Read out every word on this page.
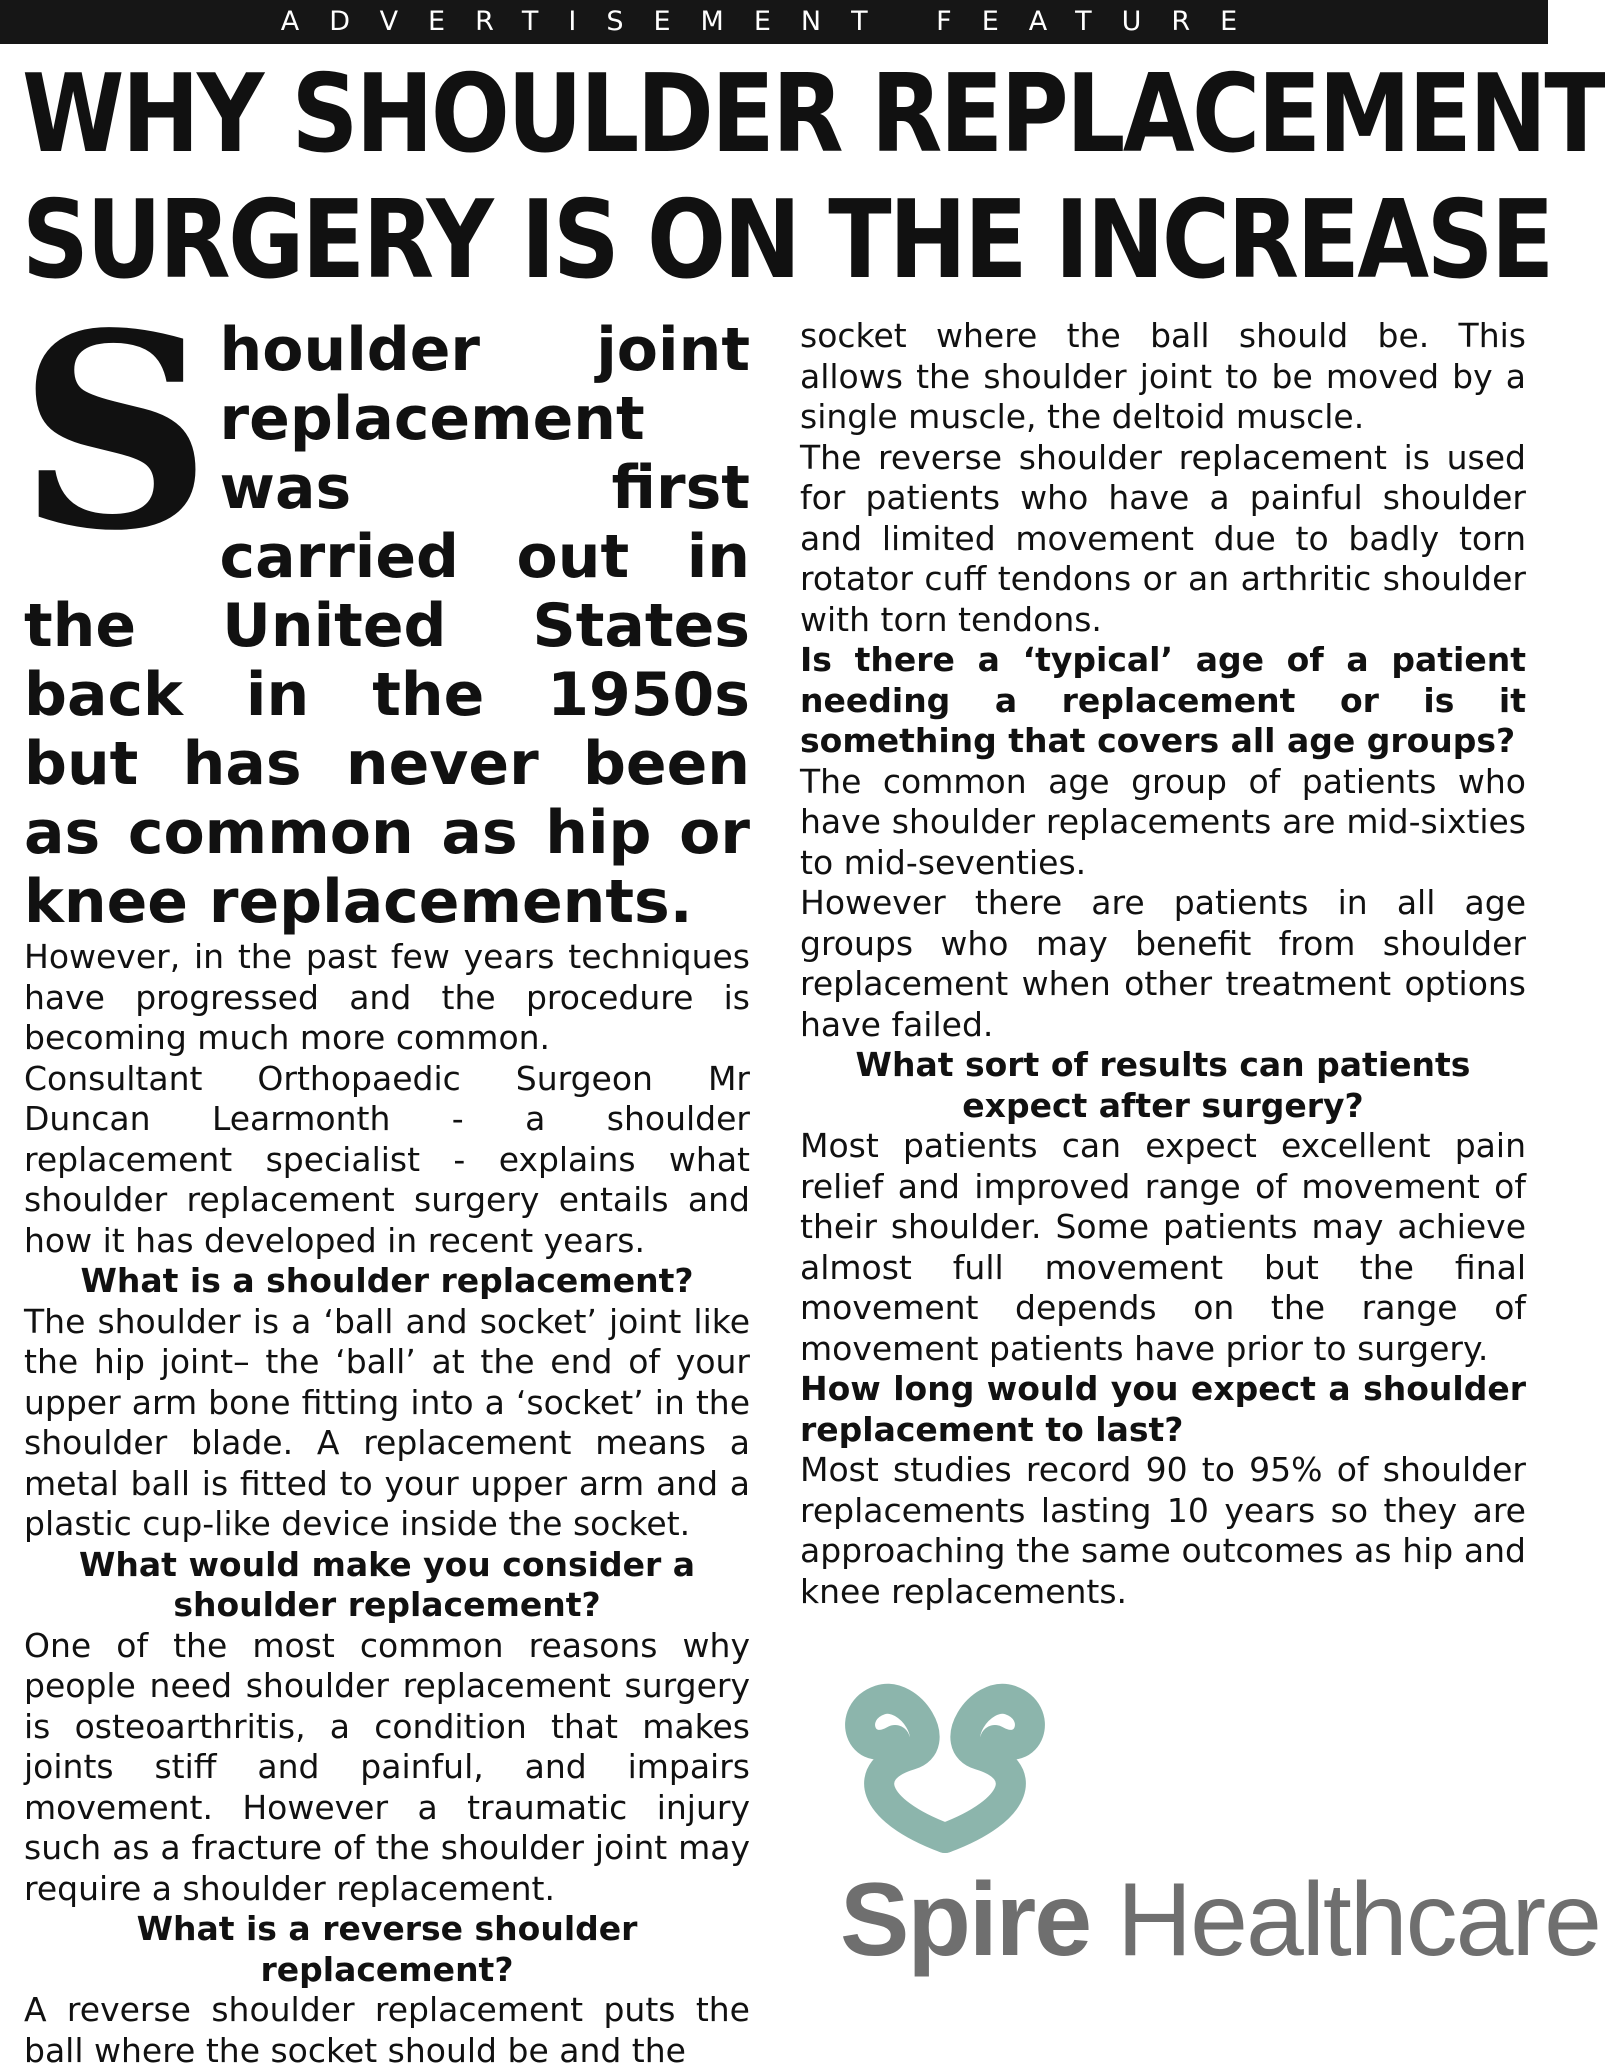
ADVERTISEMENT FEATURE
WHY SHOULDER REPLACEMENT
SURGERY IS ON THE INCREASE

Shoulder joint replacement was first carried out in the United States back in the 1950s but has never been as common as hip or knee replacements.

However, in the past few years techniques have progressed and the procedure is becoming much more common.

Consultant Orthopaedic Surgeon Mr Duncan Learmonth - a shoulder replacement specialist - explains what shoulder replacement surgery entails and how it has developed in recent years.

What is a shoulder replacement?

The shoulder is a ‘ball and socket’ joint like the hip joint– the ‘ball’ at the end of your upper arm bone fitting into a ‘socket’ in the shoulder blade. A replacement means a metal ball is fitted to your upper arm and a plastic cup-like device inside the socket.

What would make you consider a shoulder replacement?

One of the most common reasons why people need shoulder replacement surgery is osteoarthritis, a condition that makes joints stiff and painful, and impairs movement. However a traumatic injury such as a fracture of the shoulder joint may require a shoulder replacement.

What is a reverse shoulder replacement?

A reverse shoulder replacement puts the ball where the socket should be and the

socket where the ball should be. This allows the shoulder joint to be moved by a single muscle, the deltoid muscle.

The reverse shoulder replacement is used for patients who have a painful shoulder and limited movement due to badly torn rotator cuff tendons or an arthritic shoulder with torn tendons.

Is there a ‘typical’ age of a patient needing a replacement or is it something that covers all age groups?

The common age group of patients who have shoulder replacements are mid-sixties to mid-seventies.

However there are patients in all age groups who may benefit from shoulder replacement when other treatment options have failed.

What sort of results can patients expect after surgery?

Most patients can expect excellent pain relief and improved range of movement of their shoulder. Some patients may achieve almost full movement but the final movement depends on the range of movement patients have prior to surgery.

How long would you expect a shoulder replacement to last?

Most studies record 90 to 95% of shoulder replacements lasting 10 years so they are approaching the same outcomes as hip and knee replacements.

Spire Healthcare
